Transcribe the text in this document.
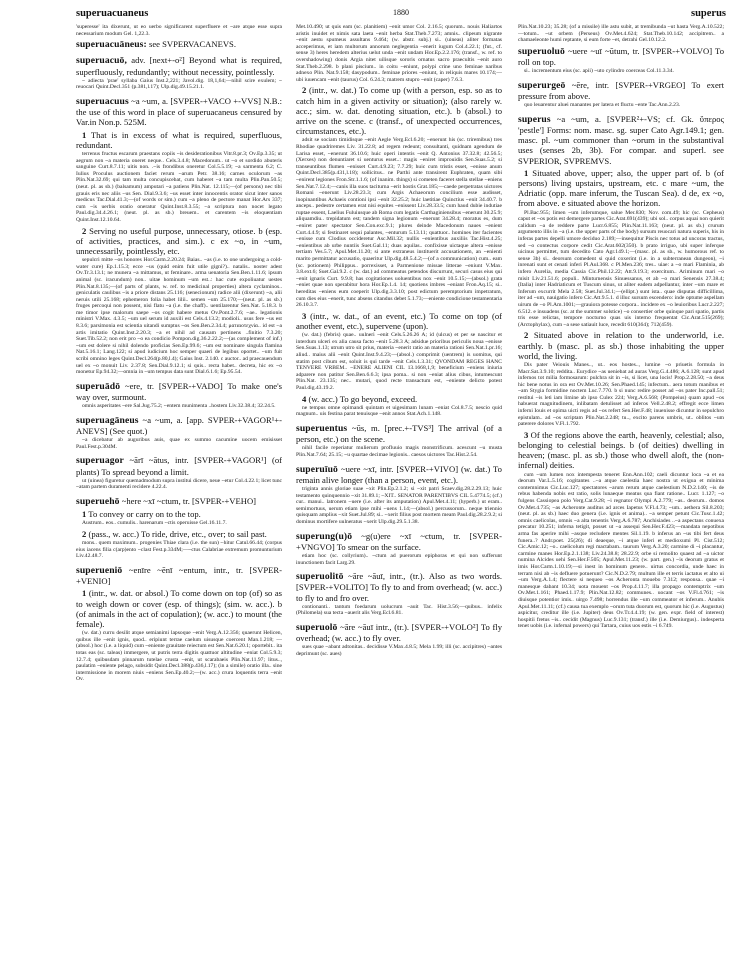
superuacuaneus	1880	superus

'superesse' ita dixerunt, ut eo uerbo significarent superfluere et ~are atque esse supra necessarium modum Gel. 1,22.3.

superuacuāneus: see SVPERVACANEVS.

superuacuō, adv. [next+-o²] Beyond what is required, superfluously, redundantly; without necessity, pointlessly.

~ adiecta 'prae' syllaba Gaius Inst.2,221; Javol.dig. 18,1,64;—nihil scire exulem; ~ reuocari Quint.Decl.351 (p.381,l.17); Ulp.dig.49.15.21.1.

superuacuus ~a ~um, a. [SVPER-+VACO +-VVS] N.B.: the use of this word in place of superuacaneus censured by Var.in Non.p. 525M.

1 That is in excess of what is required, superfluous, redundant.

terrenus fructus escarum praestans copiis ~is desiderationibus Vitr.8.pr.3; Ov.Ep.3.35; ut aegrum non ~a materia oneret neque.. Cels.3.4.8; Macedonum.. ut ~o et sordido abuteris sanguine Curt.8.7.11; uitis non. .~is frondibus oneretur Col.5.5.19; ~a sarmenta 6.2; C. Iulius Proculus auctionem faciet rerum ~arum Petr. 38.16; carnes oculorum ~as Plin.Nat.32.69; qui tam multa concupiscebat, cum haberet ~a tam multa Plin.Pan.50.5; (neut. pl. as sb.) (balsamum) amputari ~a patiens Plin.Nat. 12.115;—(of persons) nec tibi grauis eris nec aliis ~us Sen. Dial.9.3.6; ~us esset inter innocentis orator sicut inter sanos medicus Tac.Dial.41.3;—(of words or sim.) cum ~a pleno de pectore manat Hor.Ars 337; cum ~is uerbis oratio oneratur Quint.Inst.8.3.55; ~a scriptura non nocet legato Paul.dig.34.4.26.1; (neut. pl. as sb.) breuem.. et carentem ~is eloquentiam Quint.Inst.12.10.64.

2 Serving no useful purpose, unnecessary, otiose. b (esp. of activities, practices, and sim.). c ex ~o, in ~um, unnecessarily, pointlessly, etc.

sepulcri mitte ~os honores Hor.Carm.2.20.24; Baias.. ~as (i.e. to one undergoing a cold-water cure) Ep.1.15.3; ecce ~us (quid enim fuit utile gigni?).. natalis.. noster adest Ov.Tr.3.13.1; ne munera ~a mittamus, ut feminare.. arma uenatoria Sen.Ben.1.11.6; ipsum animal (sc. iracundum) non.. uitae hominum ~um est..: hac cute expoliuatur uestes Plin.Nat.8.135;—(of parts of plants, w. ref. to medicinal properties) altera cyclaminos.. geniculatis caulibus ~is a priore distans 25.116; (senecionum) radice alii (dixerunt) ~a, alii neruis utili 25.168; ephemeron folia habet lilii.. semen ~um 25.170;—(neut. pl. as sb.) fruges percoqui non possent, nisi flatu ~a (i.e. the chaff).. uentilarentur Sen.Nat. 5.18.3. b me timor ipse malorum saepe ~os cogit habere metus Ov.Pont.2.7.6; ~ae.. legationis ministri V.Max. 4.3.5; ~um uel serum id auxili est Cels.4.13.2; modioli.. usus fere ~us est 8.3.6; parsimonia est scientia uitandi sumptus ~os Sen.Ben.2.34.4; ματαιοτεχνία.. id est ~a artis imitatio Quint.Inst.2.20.3; ~a et nihil ad causam pertinens ..finitio 7.3.20; Suet.Tib.52.2; non erit pro ~o ea condicio Pompon.dig.36.2.22.2;—(as complement of inf.) ~um est dolere si nihil dolendo proficias Sen.Ep.99.6; ~um est nominare singula flamina Nat.5.16.1; Lang.122; si apud iudicium hoc semper quaeri de legibus oportet.. ~um fuit scribi omnino leges Quint.Decl.264(p.80,l.4); Gaius Inst. 2.140. c auctor.. ad praecauendum uel ex ~o monuit Liv. 2.37.8; Sen.Dial.9.12.1; si quis.. recta habet.. decreta, hic ex ~o monetur Ep.94.32;—omnia in ~um tempus data sunt Dial.6.1.6; Ep.95.54.

superuādō ~ere, tr. [SVPER-+VADO] To make one's way over, surmount.

omnis asperitates ~ere Sal.Jug.75.2; ~entem munimenta ..hostem Liv.32.38.4; 32.24.5.

superuagāneus ~a ~um, a. [app. SVPER-+VAGOR¹+-ANEVS] (See quot.)

~a dicebatur ab auguribus auis, quae ex summo cacumine uocem emisisset Paul.Fest.p.304M.

superuagor ~ārī ~ātus, intr. [SVPER-+VAGOR¹] (of plants) To spread beyond a limit.

ut (uinea) figuretur quemadmodum supra institui dicere, neue ~etur Col.4.22.1; licet tunc ~atam partem duramenti recidere 4.22.4.

superuehō ~here ~xī ~ctum, tr. [SVPER-+VEHO]

1 To convey or carry on to the top.

Austrum.. eos.. cumulis.. harenarum ~ctis operuisse Gel.16.11.7.

2 (pass., w. acc.) To ride, drive, etc., over; to sail past.

mons.. quem maximum.. progenies Thiae clara (i.e. the sun) ~hitur Catul.66.44; (corpus eius iacens filia c(arp)ento ~clast Fest.p.334M;—~ctus Calabriae extremum promunturium Liv.42.48.7.

superueniō ~enīre ~ēnī ~entum, intr., tr. [SVPER-+VENIO]

1 (intr., w. dat. or absol.) To come down on top (of) so as to weigh down or cover (esp. of things); (sim. w. acc.). b (of animals in the act of copulation); (w. acc.) to mount (the female).

(w. dat.) curru desilit atque semianimi lapsoque ~enit Verg.A.12.356; quaerunt Helicen, quibus ille ~enit ignis, quod.. eripiunt terrae caelum uisusque coercent Man.1.218; —(absol.) hoc (i.e. a liquid) cum ~eniente grauitate reiectum est Sen.Nat.6.20.1; oportebit.. ita totas eas (sc. taleas) immergere, ut putris terra digitis quattuor altitudine ~eniat Col.5.9.3; 12.7.4; quibusdam pinnarum tutelae crusta ~enit, ut scarabaeis Plin.Nat.11.97; litus.., paulatim ~eniente pelago, subsidit Quint.Decl.388(p.436,l.17); (in a simile) oratio illa.. sine intermissione in morem niuis ~eniens Sen.Ep.40.2;—(w. acc.) crura loquentis terra ~enit Ov.

Met.10.490; ut quis eam (sc. planitiem) ~enit umor Col. 2.16.5; quorum.. nouis Haliartos aristis inuidet et nimis sata laeta ~enit herba Stat.Theb.7.273; amnis.. clipeum nigrante ~enit aestu spumeus assultans 9.464; (w. abstr. subj.) si.. (uineas) aliter formatas acceperimus, et iam multorum annorum neglegentia ~enerit iugum Col.4.22.1; (fut., cf. sense 3) heres heredem alterius uelut unda ~enit undam Hor.Ep.2.2.176; (transf., w. ref. to overshadowing) donis Argia nitet uilisque sororis ornatus sacro praecultis ~enit auro Stat.Theb.2.298. b plani piscium.. in coitu ~eniunt, polypi crine uno feminae naribus adnexo Plin. Nat.9.158; dasypodum.. feminae priores ~eniunt, in reliquis mares 10.174;—ubi iuuencam ~enit (taurus) Col. 6.24.3; matrem stupro ~enit (caper) 7.6.3.

2 (intr., w. dat.) To come up (with a person, esp. so as to catch him in a given activity or situation); (also rarely w. acc.; sim. w. dat. denoting situation, etc.). b (absol.) to arrive on the scene. c (transf., of unexpected occurrences, circumstances, etc.).

adsit se sociam timidisque ~enit Aegle Verg.Ecl.6.20; ~enerunt his (sc. triremibus) tres Rhodiae quadriremes Liv. 31.22.8; ad regem redeunt; consultanti, quidnam agendum de Larisa esset, ~enerunt 36.10.6; huic operi intentis ~enit Q. Antonius 37.32.8; 42.56.5; (Xerxes) non denuntiaret si uenturus esset..: magis ~eniret improuidis Sen.Suas.5.2; si transeuntibus flumen ~enisset Curt.4.9.23; 7.7.29; huic cum tristis esset, ~enisse anum Quint.Decl.385(p.431,l.18); sollicitus.. ne Parthi ante transirent Euphraten, quam sibi ~enirent legiones Fron.Str.1.1.6; (of inanim. things) si cometen faceret stella stellae ~eniens Sen.Nat.7.12.4;—canis illa suos taciturna ~erit hostis Grat.185;—caede perpetratas uictores Romani ~enerunt Liv.28.23.3; cum Argis Achaeorum concilium esse audisset, inopinantibus Achaeis contioni ipsi ~enit 32.25.2; huic laetitiae Quinctius ~enit 34.40.7. b anceps.. pedestre certamen erat nisi equites ~enissent Liv.28.33.5; cum haud dubie indutiae ruptae essent, Laelius Fuluiusque ab Roma cum legatis Carthaginiensibus ~enerunt 30.25.9; aliquamdiu.. trepidatum est; tandem signa legionum ~enerunt 34.28.4; moratus es, dum ~eniret pater spectator Sen.Con.exc.9.1; plures deinde Macedonum naues ~enient Curt.4.4.9; si festinaret sequi palantes, ~enturum 5.13.11; quattuor.. homines iter facientes ~enisse cum Clodius occideretur Asc.Mil.32; nullis ~enientibus auxiliis Tac.Hist.4.25; ~enientibus ab urbe nuntiis Suet.Gal.11; duas aquilas.. confixisse uictaque altera ~enisse tertiam Ves.5.7; Apul.Met.11.20; si ante extraneus instituerit accusationem, an ~enienti marito permittatur accusatio, quaeritur Ulp.dig.48.5.4.2;—(of a communication) cum.. eam (sc. potionem) Philippus.. porrexisset, a Parmenione missae litterae ~eniunt V.Max. 3.8.ext.6; Suet.Gal.9.2. c (w. dat.) ad commeatus petendos discurrunt, securi casus eius qui ~enit ignaris Curt. 9.9.8; has cogitationes uoluentibus nox ~enit 10.5.15;—(absol.) grata ~eniet quae non sperabitur hora Hor.Ep.1.4. 14; quotiens imbres ~eniant Fron.Aq.15; si.. hereditas ~eniens eum coeperit Ulp.dig.3.3.10; post edictum peremptorium impetratum, cum dies eius ~enerit, tunc absens citandus debet 5.1.73;—eniente condicione testamentaria 26.10.3.7.

3 (intr., w. dat., of an event, etc.) To come on top (of another event, etc.), supervene (upon).

(w. dat.) (febris) quae.. uulneri ~enit Cels.5.26.26 A; id (ulcus) et per se nascitur et interdum ulceri ex alia causa facto ~enit 5.28.3 A; adsidue prioribus periculis noua ~enisse Sen.Suas.1.13; utrum utro sit prius, materia ~enerit ratio an materia rationi Sen.Nat.1.pr.16; aliud.. maius alii ~enit Quint.Inst.9.4.23;—(absol.) comprimit (uentrem) is uomitus, qui statim post cibum est, soluit is qui tarde ~enit Cels.1.3.31; QVONDAM REGES HANC TENVERE VRBEM.. ~ENERE ALIENI CIL 13.1668,1,9; beneficium ~eniens iniuria adparere non patitur Sen.Ben.6.6.3; ipsa poma.. si non ~eniat alius cibus, intumescunt Plin.Nat. 23.135; nec.. mutari, quod recte transactum est, ~eniente delicto potest Paul.dig.43.19.2.

4 (w. acc.) To go beyond, exceed.

ne tempus omne opimandi quintam et uigesimam lunam ~eniat Col.8.7.5; nescio quid magnum.. uis festina parat tenuisque ~enit annos Stat.Ach.1.148.

superuentus ~ūs, m. [prec.+-TVS³] The arrival (of a person, etc.) on the scene.

nihil facile reperiatur mulierum profluuio magis monstrificum. acescunt ~u musta Plin.Nat.7.64; 25.15; ~u quartae decimae legionis.. caesos uictores Tac.Hist.2.54.

superuīuō ~uere ~xī, intr. [SVPER-+VIVO] (w. dat.) To remain alive longer (than a person, event, etc.).

triginta annis gloriae suae ~xit Plin.Ep.2.1.2; si ~xit patri Scaev.dig.28.2.29.13; huic testamento quinquennio ~xit 31.89.1; ~XIT.. SENATOR PARENTIBVS CIL 5.4774.5; (cf.) cur.. manui.. latronem ~uere (i.e. after its amputation) Apul.Met.4.11; (hyperb.) ut eram.. semimortuus, uerum etiam ipse mihi ~uens 1.14;—(absol.) percussorum.. neque triennio quisquam amplius ~xit Suet.Jul.89; si.. ~xerit filius post mortem meam Paul.dig.28.2.9.2; si dominus mortifere uulneratus ~xerit Ulp.dig.29.5.1.38.

superung(u)ō ~g(u)ere ~xī ~ctum, tr. [SVPER-+VNGVO] To smear on the surface.

etiam hoc (sc. collyrium).. ~ctum ad puerorum epiphoras et qui non sufferunt inunctionem facit Larg.29.

superuolitō ~āre ~āuī, intr., (tr.). Also as two words. [SVPER-+VOLITO] To fly to and from overhead; (w. acc.) to fly to and fro over.

contionanti.. tantum foedarum uolucrum ~auit Tac. Hist.3.56;—quibus.. infelix (Philomela) sua tecta ~auerit alis Verg.Ecl.6.81.

superuolō ~āre ~āuī intr., (tr.). [SVPER-+VOLO²] To fly overhead; (w. acc.) to fly over.

sues quae ~abant adtonitas.. decidisse V.Max.4.8.5; Mela 1.99; illi (sc. accipitres) ~antes deprimunt (sc. aues)

Plin.Nat.10.23; 35.28; (of a missile) ille astu subit, at tremibunda ~ut hasta Verg.A.10.522;—totum.. ~ut orbem (Perseus) Ov.Met.4.624; Stat.Theb.10.142; accipitrem.. a chamaeleonte humi reptante, si eum forte ~et, detrahi Gel.10.12.2.

superuoluō ~uere ~uī ~ūtum, tr. [SVPER-+VOLVO] To roll on top.

si.. incrementum eius (sc. apii) ~uto cylindro coerceas Col.11.3.34.

superurgeō ~ēre, intr. [SVPER-+VRGEO] To exert pressure from above.

quo leuarentur aluei manantes per latera et fluctu ~ente Tac.Ann.2.23.

superus ~a ~um, a. [SVPER²+-VS; cf. Gk. ὕπερος 'pestle'] Forms: nom. masc. sg. super Cato Agr.149.1; gen. masc. pl. ~um commoner than ~orum in the substantival uses (senses 2b, 3b). For compar. and superl. see SVPERIOR, SVPREMVS.

1 Situated above, upper; also, the upper part of. b (of persons) living upstairs, upstream, etc. c mare ~um, the Adriatic (opp. mare inferum, the Tuscan Sea). d de, ex ~o, from above. e situated above the horizon.

Pl.Bac.955; limen ~um inferumque, salue Mer.830; Nov. com.49; hic (sc. Cepheus) caput et ~os potis est demergere partes Cic.Arat.691(439); ubi sol.. corpus aquai non quierit calidum ~a de reddere parte Lucr.6.855; Plin.Nat.11.163; (neut. pl. as sb.) crurum argumento illis in ~a (i.e. the upper parts of the body) sursum reuocari natura superis, his in inferas partes depelli umore deciduo 2.189;—insequitur Piscis nec totus ad uncoras tractus, sed ~o contectus corpore cedit Cic.Arat.602(350). b prato irriguo, ubi super inferque uicinus permittet, tum decedito Cato Agr.149.1;—(masc. pl. as sb., w. humorous ref. to sense 3b) si.. deorsum comedent si quid coxerint (i.e. in a subterranean dungeon), ~i inrenati sunt et cenati inferi Pl.Aul.368. c Pl.Men.236; tres.. uiae: a ~o mari Flaminia, ab infero Aurelia, media Cassia Cic.Phil.12.22; Att.9.19.3; exercitum.. Ariminum mari ~o misit Liv.21.51.6; populi.. Minturnensis Sinuessanus, et ab ~o mari Senensis 27.38.4; (Italia) inter Hadriaticum et Tuscum sinus, ut aliter eadem adpellantur, inter ~um mare et Inferum excurrit Mela 2.58; Suet.Jul.34.1;—(ellipt.) sunt ista.. quae disputas difficillima, iter ad ~um, nauigatio infero Cic.Att.9.5.1. d illuc sursum escendero: inde optume aspellam uirum de ~o Pl.Am.1001;—grauiora potesse corpora.. incidere ex ~o leuioribus Lucr.2.227; 6.512. e insuadens (sc. at the summer solstice) ~o consertier orbe quinque pari spatio, partis tris esse relictas, tempore nocturno quas uis interno frequentat Cic.Arat.515(269); (Arctophylax), cum ~a sese satiauit luce, recedit 610(364); 712(459).

2 Situated above in relation to the underworld, i.e. earthly. b (masc. pl. as sb.) those inhabiting the upper world, the living.

Dis pater Veiouis Manes.., ut.. eos hostes.., lumine ~o priuetis formula in Macr.Sat.3.9.10; reddita.. Eurydice ~as ueniebat ad auras Verg.G.4.486; A.6.128; sunt apud infernos tot milia formosarum: pulchra sit in ~is, si licet, una locis! Prop.2.28.50; ~a deus hic bene notus in ora est Ov.Met.10.26; Sen.Phaed.145; infectum.. aera totum manibus et ~am Stygia formidine noctem Luc.7.770. b si nunc redire posset ad ~os pater Inc.pall.51; restitui ~is leti iam limine ab ipso Culex 224; Verg.A.6.568; (Pompeius) quam apud ~os habuerat magnitudinem, inlibatam detulisset ad inferos Vell.2.48.2; effregit ecce limen inferni Iouis et opima uicti regis ad ~os refert Sen.Her.F.48; inuenisse dicuntur in sepulchro epistulam.. ad ~os scriptam Plin.Nat.2.248; tu.., excito parens umbris, ut.. oblitos ~um paterere dolores V.Fl.1.792.

3 Of the regions above the earth, heavenly, celestial; also, belonging to celestial beings. b (of deities) dwelling in heaven; (masc. pl. as sb.) those who dwell aloft, the (non-infernal) deities.

cum ~um lumen nox intempesta teneret Enn.Ann.102; caeli dicuntur loca ~a et ea deorum Var.L.5.16; cogitantes ..~a atque caelestia haec nostra ut exigua et minima contemnimus Cic.Luc.127; spectatores ~arum rerum atque caelestium N.D.2.140; ~is de rebus habenda nobis est ratio, solis lunaeque meatus qua fiant ratione.. Lucr. 1.127; ~o fulgens Cassiopea polo Verg.Cat.9.28; ~i regnator Olympi A.2.779; ~as.. deorum.. domos Ov.Met.4.735; ~as Acheronte auditus ad arces Iapetus V.Fl.4.73; ~um.. aethera Sil.8.203; (neut. pl. as sb.) haec duo genera (i.e. ignis et anima).. ~a semper petunt Cic.Tusc.1.42; omnis caelicolas, omnis ~a alta tenentis Verg.A.6.787; Anchisiades ..~a aspectans conuexa precatur 10.251; inferna tetigit, posset ut ~a assequi Sen.Her.F.423;—mandata nepotibus arma fas aperire mihi ~asque recludere mentes Sil.1.19. b inferus an ~us tibi fert deus funera..? Andr.poet. 25(26); di deaeque, ~i atque inferi et medioxumi Pl. Cist.512; Cic.Amic.12; ~o.. caelicolum regi mactabam.. taurum Verg.A.3.20; carmine di ~i placantur, carmine manes Hor.Ep.2.1.138; Liv.24.38.8; 28.22.9; orbe si remolito quaest ad ~a uictor numina Alcides uehi Sen.Her.F.505; Apul.Met.11.23; (w. part. gen.) ~is deorum gratus et imis Hor.Carm.1.10.19;—si inest in hominum genere.. uirtus concordia, unde haec in terram nisi ab ~is defluere potuerunt? Cic.N.D.2.79; multum ille et terris iactatus et alto ui ~um Verg.A.1.4; flectere si nequeo ~os Acheronta mouebo 7.312; responsa.. quae ~i manesque dabant 10.34; uota mouent ~os Prop.4.11.7; illa propago contemptrix ~um Ov.Met.1.161; Phaed.1.17.9; Plin.Nat.12.82; communes.. uocant ~os V.Fl.4.761; ~is diuisque potentior imis.. uirgo 7.498; horrendus ille ~um commeator et inferum.. Anubis Apul.Met.11.11; (cf.) causa tua exemplo ~orum tuta duorum est, quorum hic (i.e. Augustus) aspicitur, creditur ille (i.e. Jupiter) deus Ov.Tr.4.4.19; (w. gen. expr. field of interest) hospitii fretus ~is.. cecidit (Magnus) Luc.9.131; (transf.) ille (i.e. Demiurgus).. indesperta tenet uobis (i.e. infernal powers) qui Tartara, cuius uos estis ~i 6.749.
